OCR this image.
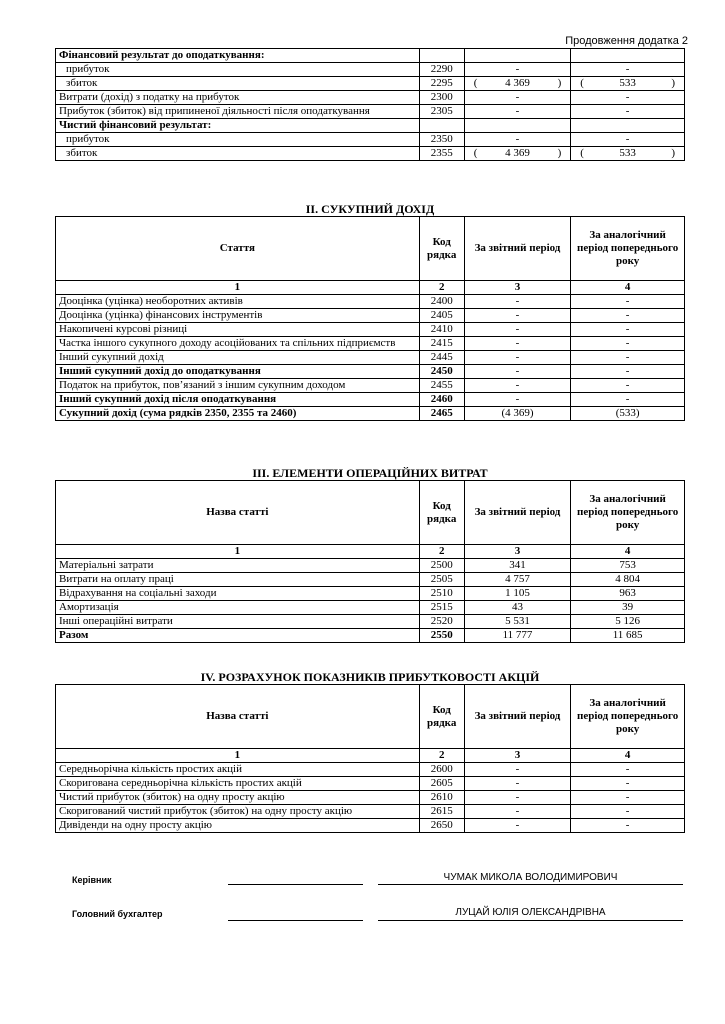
Продовження додатка 2
Фінансовий результат до оподаткування:			
прибуток	2290	-	-
збиток	2295	( 4 369 )	( 533 )

Витрати (дохід) з податку на прибуток	2300	-	-
Прибуток (збиток) від припиненої діяльності після оподаткування	2305	-	-
Чистий фінансовий результат:			
прибуток	2350	-	-
збиток	2355	( 4 369 )	( 533 )
II. СУКУПНИЙ ДОХІД
Стаття	Код рядка	За звітний період	За аналогічний період попереднього року
1	2	3	4
Дооцінка (уцінка) необоротних активів	2400	-	-
Дооцінка (уцінка) фінансових інструментів	2405	-	-
Накопичені курсові різниці	2410	-	-
Частка іншого сукупного доходу асоційованих та спільних підприємств	2415	-	-
Інший сукупний дохід	2445	-	-
Інший сукупний дохід до оподаткування	2450	-	-
Податок на прибуток, пов’язаний з іншим сукупним доходом	2455	-	-
Інший сукупний дохід після оподаткування	2460	-	-
Сукупний дохід (сума рядків 2350, 2355 та 2460)	2465	(4 369)	(533)
III. ЕЛЕМЕНТИ ОПЕРАЦІЙНИХ ВИТРАТ
Назва статті	Код рядка	За звітний період	За аналогічний період попереднього року
1	2	3	4
Матеріальні затрати	2500	341	753
Витрати на оплату праці	2505	4 757	4 804
Відрахування на соціальні заходи	2510	1 105	963
Амортизація	2515	43	39
Інші операційні витрати	2520	5 531	5 126
Разом	2550	11 777	11 685
IV. РОЗРАХУНОК ПОКАЗНИКІВ ПРИБУТКОВОСТІ АКЦІЙ
Назва статті	Код рядка	За звітний період	За аналогічний період попереднього року
1	2	3	4
Середньорічна кількість простих акцій	2600	-	-
Скоригована середньорічна кількість простих акцій	2605	-	-
Чистий прибуток (збиток) на одну просту акцію	2610	-	-
Скоригований чистий прибуток (збиток) на одну просту акцію	2615	-	-
Дивіденди на одну просту акцію	2650	-	-
Керівник	ЧУМАК МИКОЛА ВОЛОДИМИРОВИЧ
Головний бухгалтер	ЛУЦАЙ ЮЛІЯ ОЛЕКСАНДРІВНА
